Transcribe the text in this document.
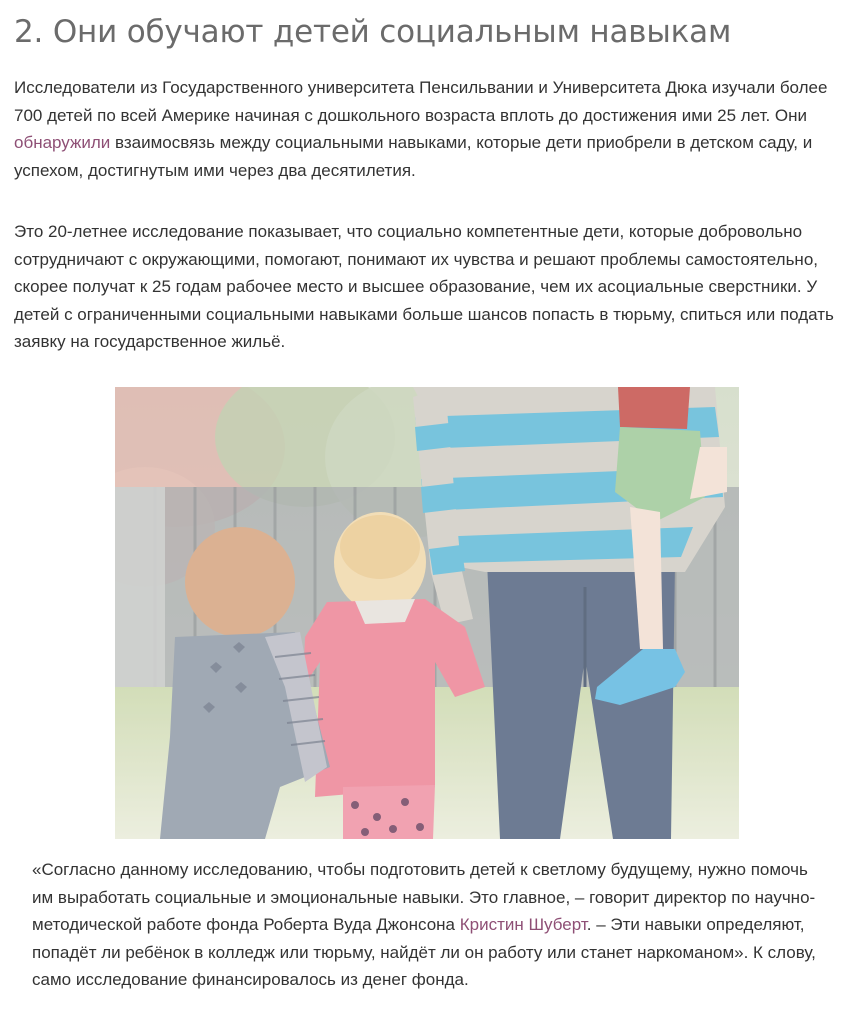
2. Они обучают детей социальным навыкам

Исследователи из Государственного университета Пенсильвании и Университета Дюка изучали более 700 детей по всей Америке начиная с дошкольного возраста вплоть до достижения ими 25 лет. Они обнаружили взаимосвязь между социальными навыками, которые дети приобрели в детском саду, и успехом, достигнутым ими через два десятилетия.

Это 20-летнее исследование показывает, что социально компетентные дети, которые добровольно сотрудничают с окружающими, помогают, понимают их чувства и решают проблемы самостоятельно, скорее получат к 25 годам рабочее место и высшее образование, чем их асоциальные сверстники. У детей с ограниченными социальными навыками больше шансов попасть в тюрьму, спиться или подать заявку на государственное жильё.

«Согласно данному исследованию, чтобы подготовить детей к светлому будущему, нужно помочь им выработать социальные и эмоциональные навыки. Это главное, – говорит директор по научно-методической работе фонда Роберта Вуда Джонсона Кристин Шуберт. – Эти навыки определяют, попадёт ли ребёнок в колледж или тюрьму, найдёт ли он работу или станет наркоманом». К слову, само исследование финансировалось из денег фонда.
